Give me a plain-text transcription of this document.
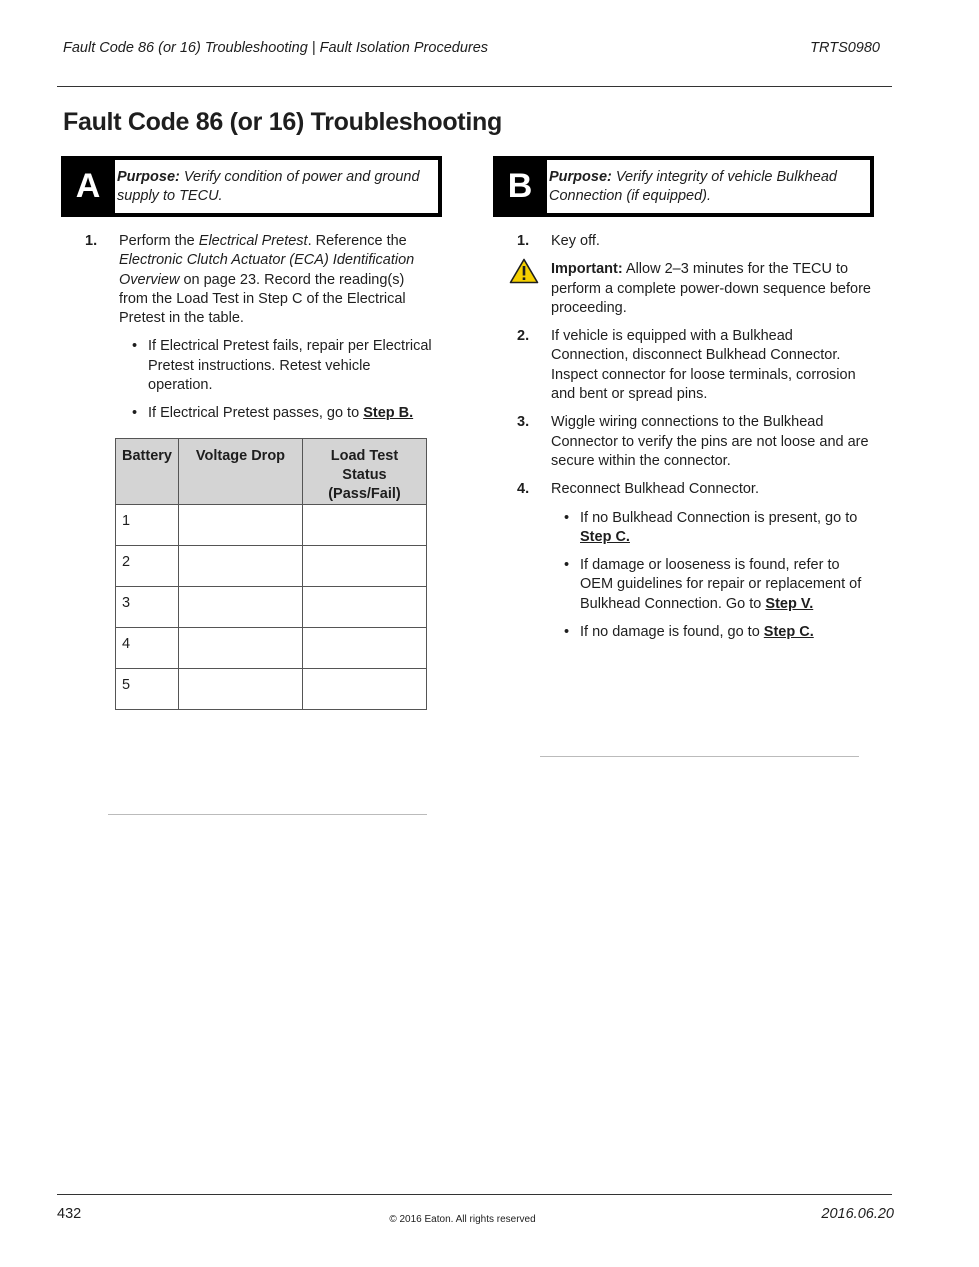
Fault Code 86 (or 16) Troubleshooting | Fault Isolation Procedures	TRTS0980
Fault Code 86 (or 16) Troubleshooting
A	Purpose: Verify condition of power and ground supply to TECU.	B	Purpose: Verify integrity of vehicle Bulkhead Connection (if equipped).
1. Perform the Electrical Pretest. Reference the Electronic Clutch Actuator (ECA) Identification Overview on page 23. Record the reading(s) from the Load Test in Step C of the Electrical Pretest in the table.
• If Electrical Pretest fails, repair per Electrical Pretest instructions. Retest vehicle operation.
• If Electrical Pretest passes, go to Step B.
Battery	Voltage Drop	Load Test Status (Pass/Fail)
1		
2		
3		
4		
5		
1. Key off.
Important: Allow 2–3 minutes for the TECU to perform a complete power-down sequence before proceeding.
2. If vehicle is equipped with a Bulkhead Connection, disconnect Bulkhead Connector. Inspect connector for loose terminals, corrosion and bent or spread pins.
3. Wiggle wiring connections to the Bulkhead Connector to verify the pins are not loose and are secure within the connector.
4. Reconnect Bulkhead Connector.
• If no Bulkhead Connection is present, go to Step C.
• If damage or looseness is found, refer to OEM guidelines for repair or replacement of Bulkhead Connection. Go to Step V.
• If no damage is found, go to Step C.
432	© 2016 Eaton. All rights reserved	2016.06.20
